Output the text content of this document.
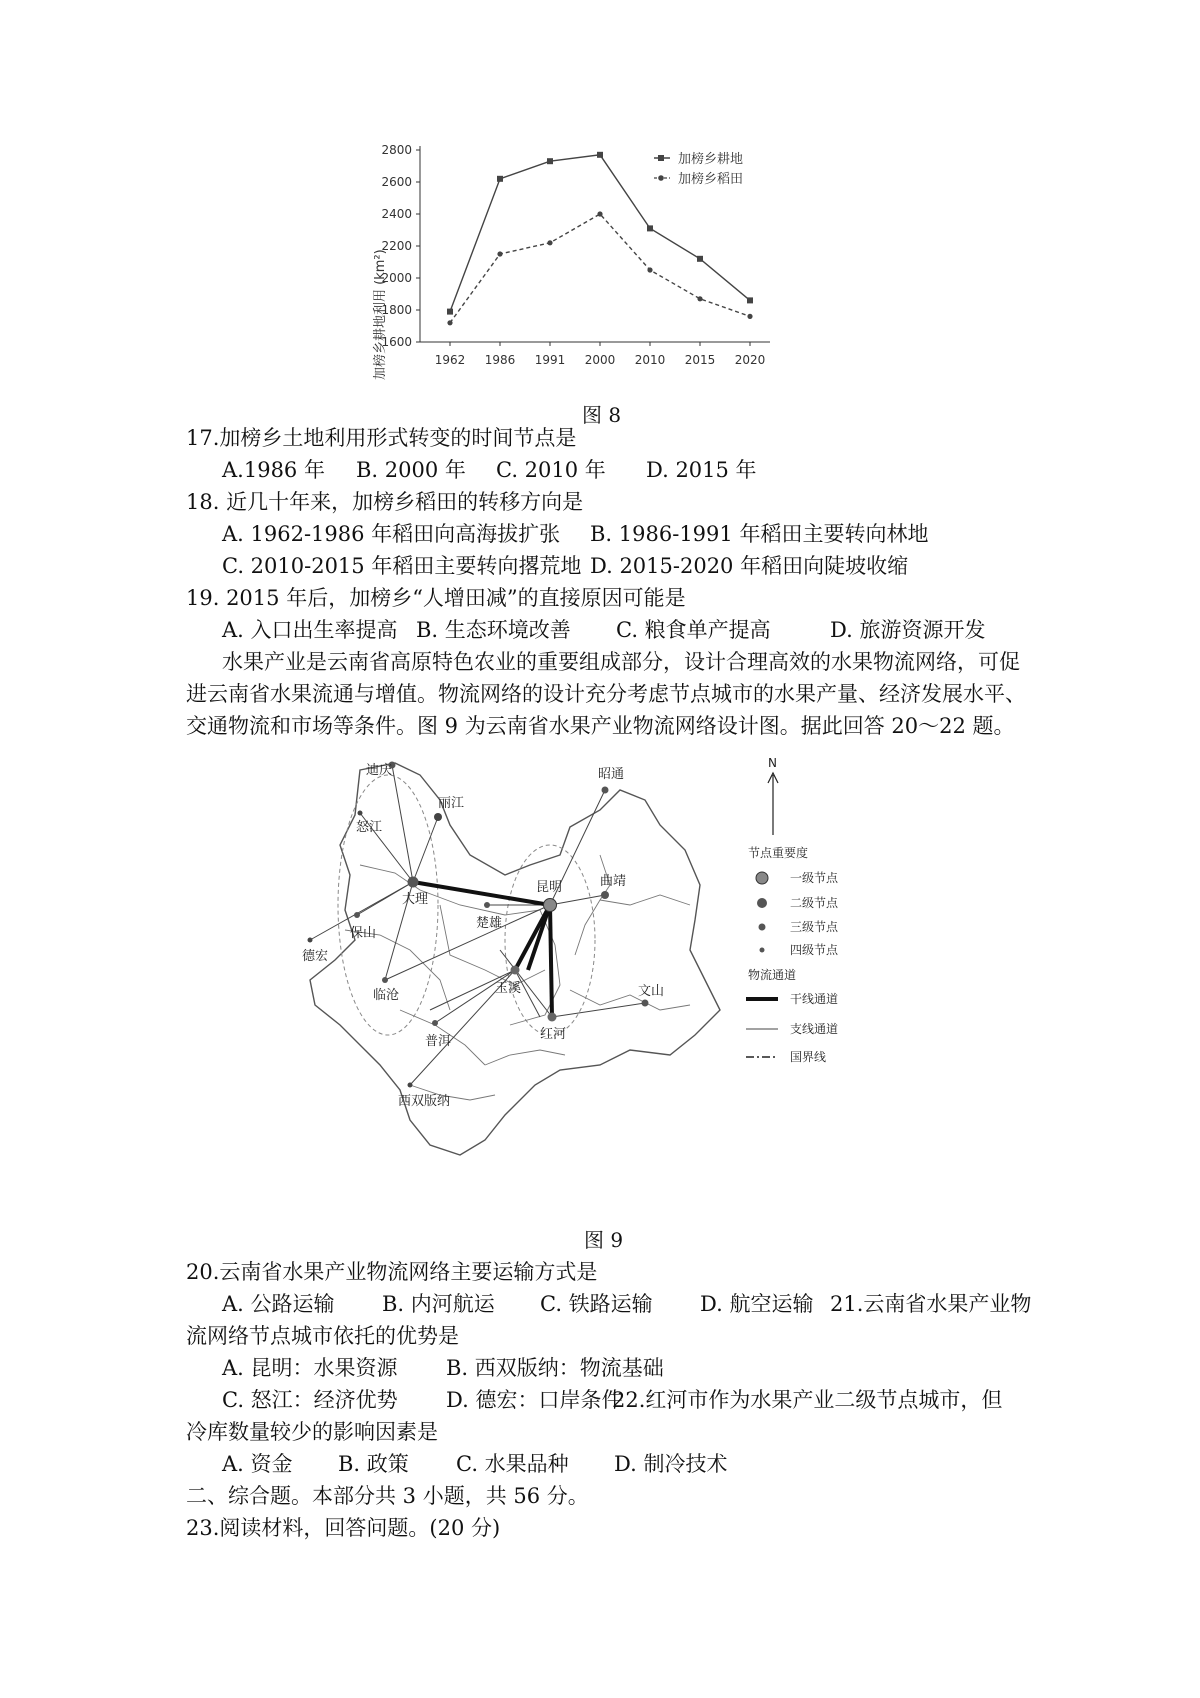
1600
1800
2000
2200
2400
2600
2800
1962 1986 1991 2000 2010 2015 2020
加榜乡耕地利用 (km²)
加榜乡耕地
加榜乡稻田
图 8
17.加榜乡土地利用形式转变的时间节点是
A.1986 年 B. 2000 年 C. 2010 年 D. 2015 年
18. 近几十年来，加榜乡稻田的转移方向是
A. 1962-1986 年稻田向高海拔扩张 B. 1986-1991 年稻田主要转向林地
C. 2010-2015 年稻田主要转向撂荒地 D. 2015-2020 年稻田向陡坡收缩
19. 2015 年后，加榜乡“人增田减”的直接原因可能是
A. 入口出生率提高 B. 生态环境改善 C. 粮食单产提高	D. 旅游资源开发
水果产业是云南省高原特色农业的重要组成部分，设计合理高效的水果物流网络，可促
进云南省水果流通与增值。物流网络的设计充分考虑节点城市的水果产量、经济发展水平、
交通物流和市场等条件。图 9 为云南省水果产业物流网络设计图。据此回答 20～22 题。
迪庆
怒江
丽江
大理
保山
德宏
临沧
普洱
西双版纳
楚雄
昆明	曲靖
昭通
玉溪
红河
文山
N
节点重要度
一级节点
二级节点
三级节点
四级节点
物流通道
干线通道
支线通道
国界线
图 9
20.云南省水果产业物流网络主要运输方式是
A. 公路运输 B. 内河航运 C. 铁路运输 D. 航空运输 21.云南省水果产业物
流网络节点城市依托的优势是
A. 昆明：水果资源 B. 西双版纳：物流基础
C. 怒江：经济优势 D. 德宏：口岸条件
22.红河市作为水果产业二级节点城市，但
冷库数量较少的影响因素是
A. 资金 B. 政策 C. 水果品种 D. 制冷技术
二、综合题。本部分共 3 小题，共 56 分。
23.阅读材料，回答问题。(20 分)
